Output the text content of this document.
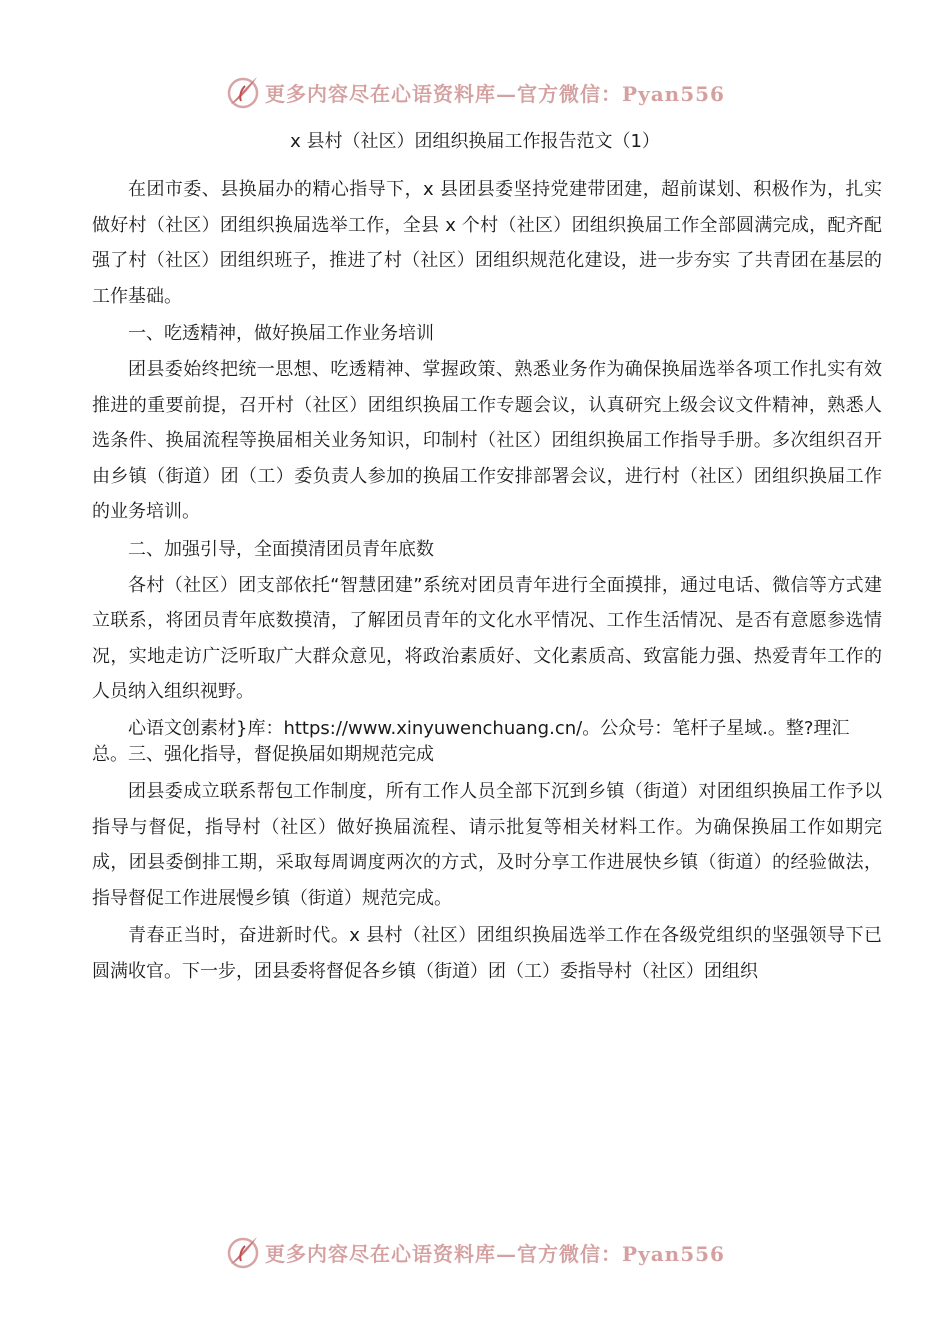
更多内容尽在心语资料库—官方微信：Pyan556
x 县村（社区）团组织换届工作报告范文（1）

在团市委、县换届办的精心指导下，x 县团县委坚持党建带团建，超前谋划、积极作为，扎实做好村（社区）团组织换届选举工作，全县 x 个村（社区）团组织换届工作全部圆满完成，配齐配强了村（社区）团组织班子，推进了村（社区）团组织规范化建设，进一步夯实 了共青团在基层的工作基础。

一、吃透精神，做好换届工作业务培训

团县委始终把统一思想、吃透精神、掌握政策、熟悉业务作为确保换届选举各项工作扎实有效推进的重要前提，召开村（社区）团组织换届工作专题会议，认真研究上级会议文件精神，熟悉人选条件、换届流程等换届相关业务知识，印制村（社区）团组织换届工作指导手册。多次组织召开由乡镇（街道）团（工）委负责人参加的换届工作安排部署会议，进行村（社区）团组织换届工作的业务培训。

二、加强引导，全面摸清团员青年底数

各村（社区）团支部依托“智慧团建”系统对团员青年进行全面摸排，通过电话、微信等方式建立联系，将团员青年底数摸清，了解团员青年的文化水平情况、工作生活情况、是否有意愿参选情况，实地走访广泛听取广大群众意见，将政治素质好、文化素质高、致富能力强、热爱青年工作的人员纳入组织视野。

心语文创素材}库：https://www.xinyuwenchuang.cn/。公众号：笔杆子星域.。整?理汇总。三、强化指导，督促换届如期规范完成

团县委成立联系帮包工作制度，所有工作人员全部下沉到乡镇（街道）对团组织换届工作予以指导与督促，指导村（社区）做好换届流程、请示批复等相关材料工作。为确保换届工作如期完成，团县委倒排工期，采取每周调度两次的方式，及时分享工作进展快乡镇（街道）的经验做法，指导督促工作进展慢乡镇（街道）规范完成。

青春正当时，奋进新时代。x 县村（社区）团组织换届选举工作在各级党组织的坚强领导下已圆满收官。下一步，团县委将督促各乡镇（街道）团（工）委指导村（社区）团组织

更多内容尽在心语资料库—官方微信：Pyan556
